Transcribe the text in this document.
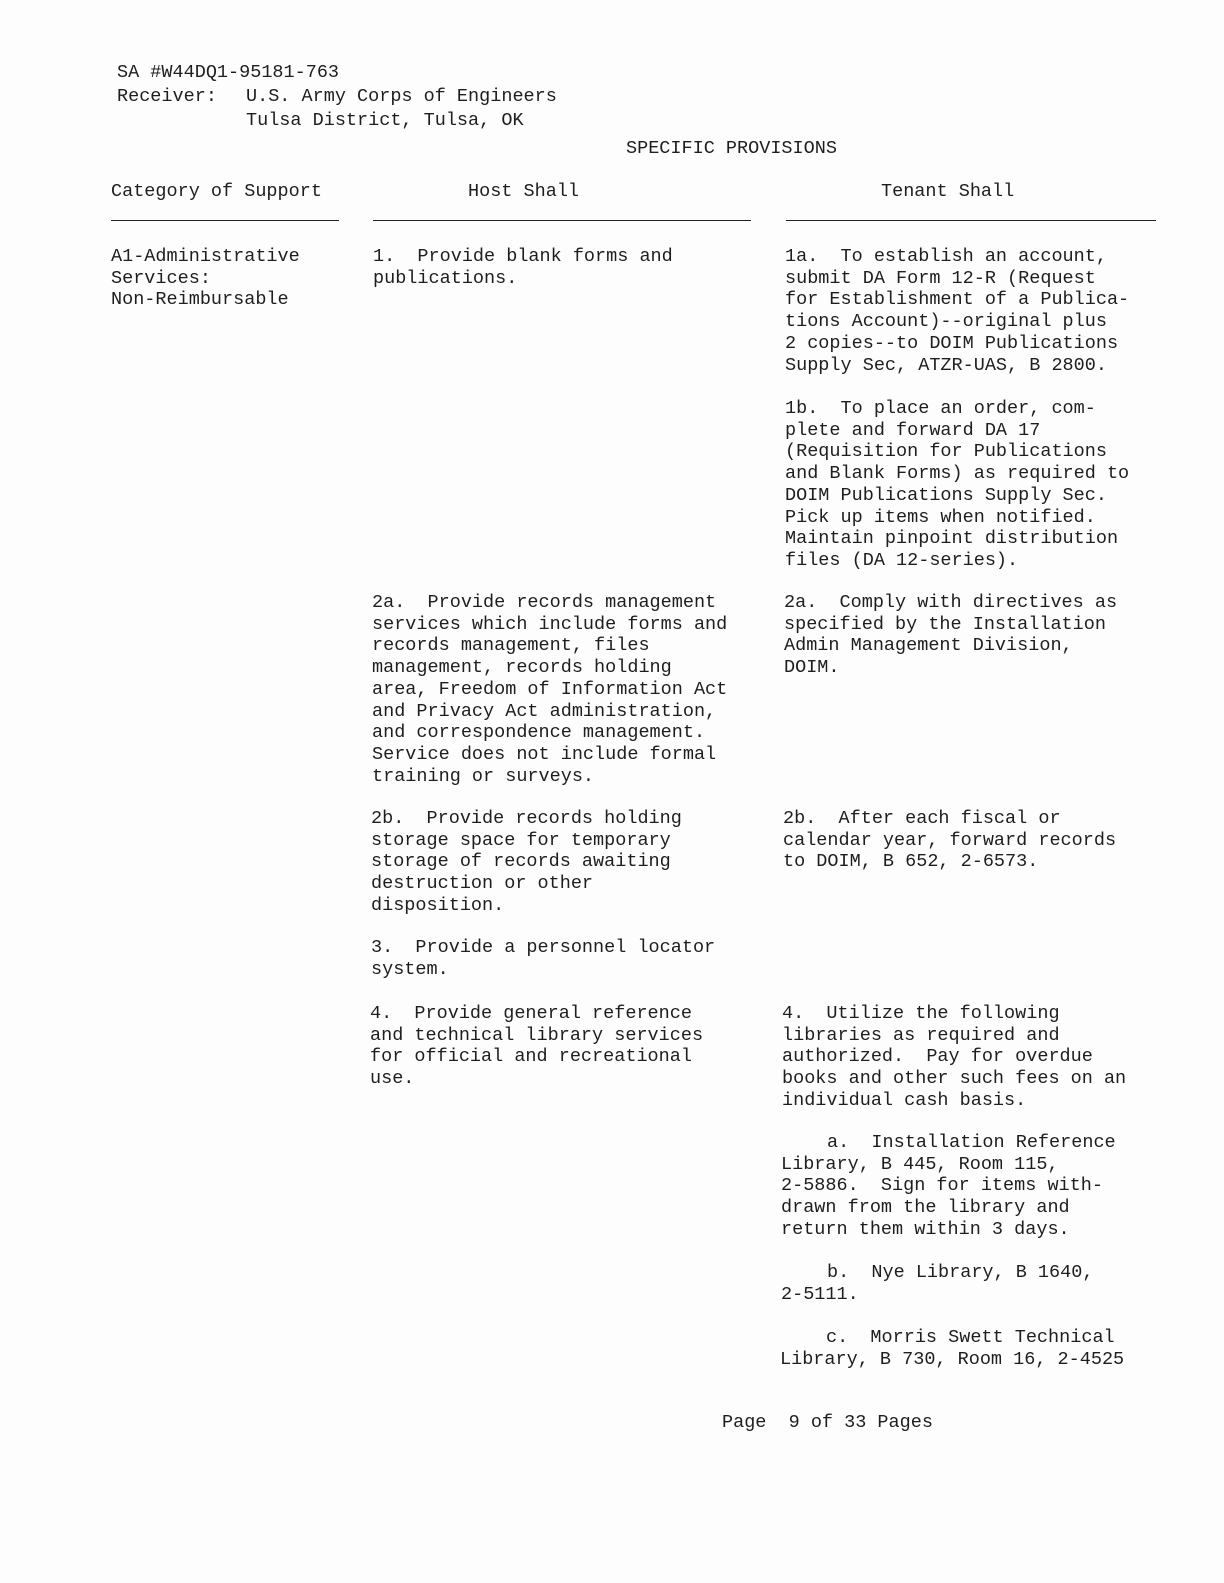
SA #W44DQ1-95181-763
Receiver: U.S. Army Corps of Engineers
Tulsa District, Tulsa, OK
SPECIFIC PROVISIONS
Category of Support	Host Shall	Tenant Shall
A1-Administrative
Services:
Non-Reimbursable
1.  Provide blank forms and
publications.
2a.  Provide records management
services which include forms and
records management, files
management, records holding
area, Freedom of Information Act
and Privacy Act administration,
and correspondence management.
Service does not include formal
training or surveys.
2b.  Provide records holding
storage space for temporary
storage of records awaiting
destruction or other
disposition.
3.  Provide a personnel locator
system.
4.  Provide general reference
and technical library services
for official and recreational
use.
1a.  To establish an account,
submit DA Form 12-R (Request
for Establishment of a Publica-
tions Account)--original plus
2 copies--to DOIM Publications
Supply Sec, ATZR-UAS, B 2800.
1b.  To place an order, com-
plete and forward DA 17
(Requisition for Publications
and Blank Forms) as required to
DOIM Publications Supply Sec.
Pick up items when notified.
Maintain pinpoint distribution
files (DA 12-series).
2a.  Comply with directives as
specified by the Installation
Admin Management Division,
DOIM.
2b.  After each fiscal or
calendar year, forward records
to DOIM, B 652, 2-6573.
4.  Utilize the following
libraries as required and
authorized.  Pay for overdue
books and other such fees on an
individual cash basis.
a.  Installation Reference
Library, B 445, Room 115,
2-5886.  Sign for items with-
drawn from the library and
return them within 3 days.
b.  Nye Library, B 1640,
2-5111.
c.  Morris Swett Technical
Library, B 730, Room 16, 2-4525
Page  9 of 33 Pages
